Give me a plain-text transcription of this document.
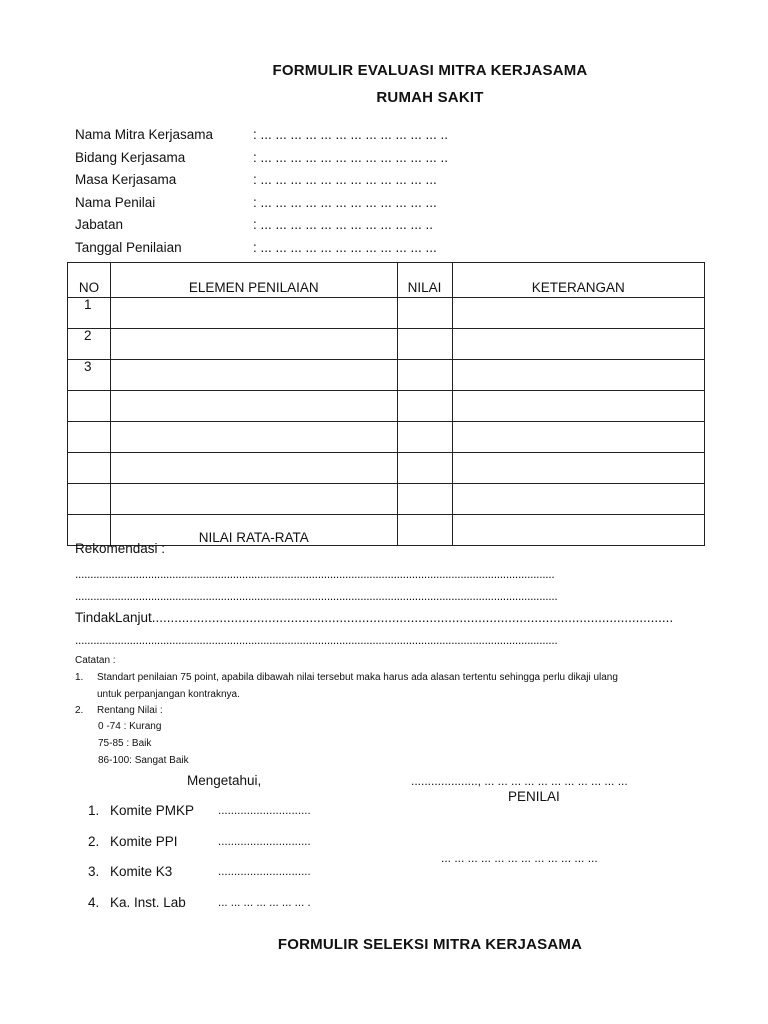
FORMULIR EVALUASI MITRA KERJASAMA
RUMAH SAKIT
Nama Mitra Kerjasama	: ... ... ... ... ... ... ... ... ... ... ... ... ..
Bidang Kerjasama	: ... ... ... ... ... ... ... ... ... ... ... ... ..
Masa Kerjasama	: ... ... ... ... ... ... ... ... ... ... ... ...
Nama Penilai	: ... ... ... ... ... ... ... ... ... ... ... ...
Jabatan	: ... ... ... ... ... ... ... ... ... ... ... ..
Tanggal Penilaian	: ... ... ... ... ... ... ... ... ... ... ... ...
NO	ELEMEN PENILAIAN	NILAI	KETERANGAN
1			
2			
3			

	NILAI RATA-RATA		
Rekomendasi :
..............................................................................................................................................................
...............................................................................................................................................................
TindakLanjut...........................................................................................................................................
...............................................................................................................................................................
Catatan :
1. Standart penilaian 75 point, apabila dibawah nilai tersebut maka harus ada alasan tertentu sehingga perlu dikaji ulang
untuk perpanjangan kontraknya.
2. Rentang Nilai :
0 -74 : Kurang
75-85 : Baik
86-100: Sangat Baik
Mengetahui,	...................., ... ... ... ... ... ... ... ... ... ... ...
PENILAI
... ... ... ... ... ... ... ... ... ... ... ...
1. Komite PMKP .............................
2. Komite PPI	.............................
3. Komite K3	.............................
4. Ka. Inst. Lab	... ... ... ... ... ... ... .
FORMULIR SELEKSI MITRA KERJASAMA
